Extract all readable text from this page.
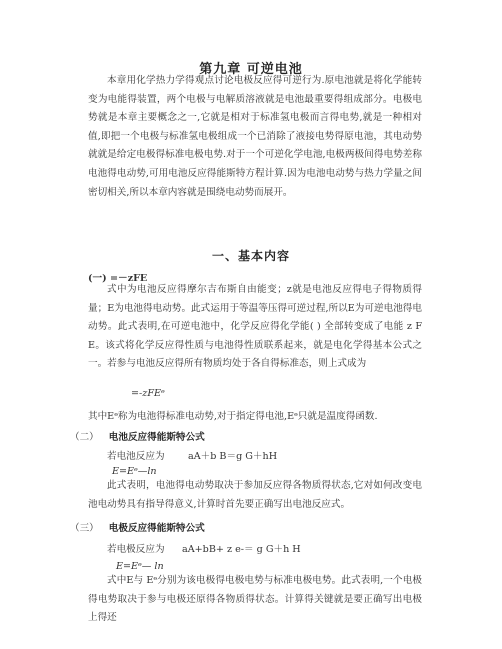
第九章 可逆电池
本章用化学热力学得观点讨论电极反应得可逆行为.原电池就是将化学能转变为电能得装置，两个电极与电解质溶液就是电池最重要得组成部分。电极电势就是本章主要概念之一,它就是相对于标准氢电极而言得电势,就是一种相对值,即把一个电极与标准氢电极组成一个已消除了液接电势得原电池，其电动势就就是给定电极得标准电极电势.对于一个可逆化学电池,电极两极间得电势差称电池得电动势,可用电池反应得能斯特方程计算.因为电池电动势与热力学量之间密切相关,所以本章内容就是围绕电动势而展开。
一、基本内容
(一) =－zFE
式中为电池反应得摩尔吉布斯自由能变；z就是电池反应得电子得物质得量；E为电池得电动势。此式运用于等温等压得可逆过程,所以E为可逆电池得电动势。此式表明,在可逆电池中，化学反应得化学能( ) 全部转变成了电能 z F E。该式将化学反应得性质与电池得性质联系起来，就是电化学得基本公式之一。若参与电池反应得所有物质均处于各自得标准态，则上式成为
=-zFEᶱ
其中Eᶱ称为电池得标准电动势,对于指定得电池,Eᶱ只就是温度得函数.
（二） 电池反应得能斯特公式
若电池反应为 aA＋b B＝g G＋hH
E=Eᶱ—ln
此式表明，电池得电动势取决于参加反应得各物质得状态,它对如何改变电池电动势具有指导得意义,计算时首先要正确写出电池反应式。
（三） 电极反应得能斯特公式
若电极反应为 aA+bB+ z e-＝ g G＋h H
E=Eᶱ— ln
式中E与 Eᶱ分别为该电极得电极电势与标准电极电势。此式表明,一个电极得电势取决于参与电极还原得各物质得状态。计算得关键就是要正确写出电极上得还
